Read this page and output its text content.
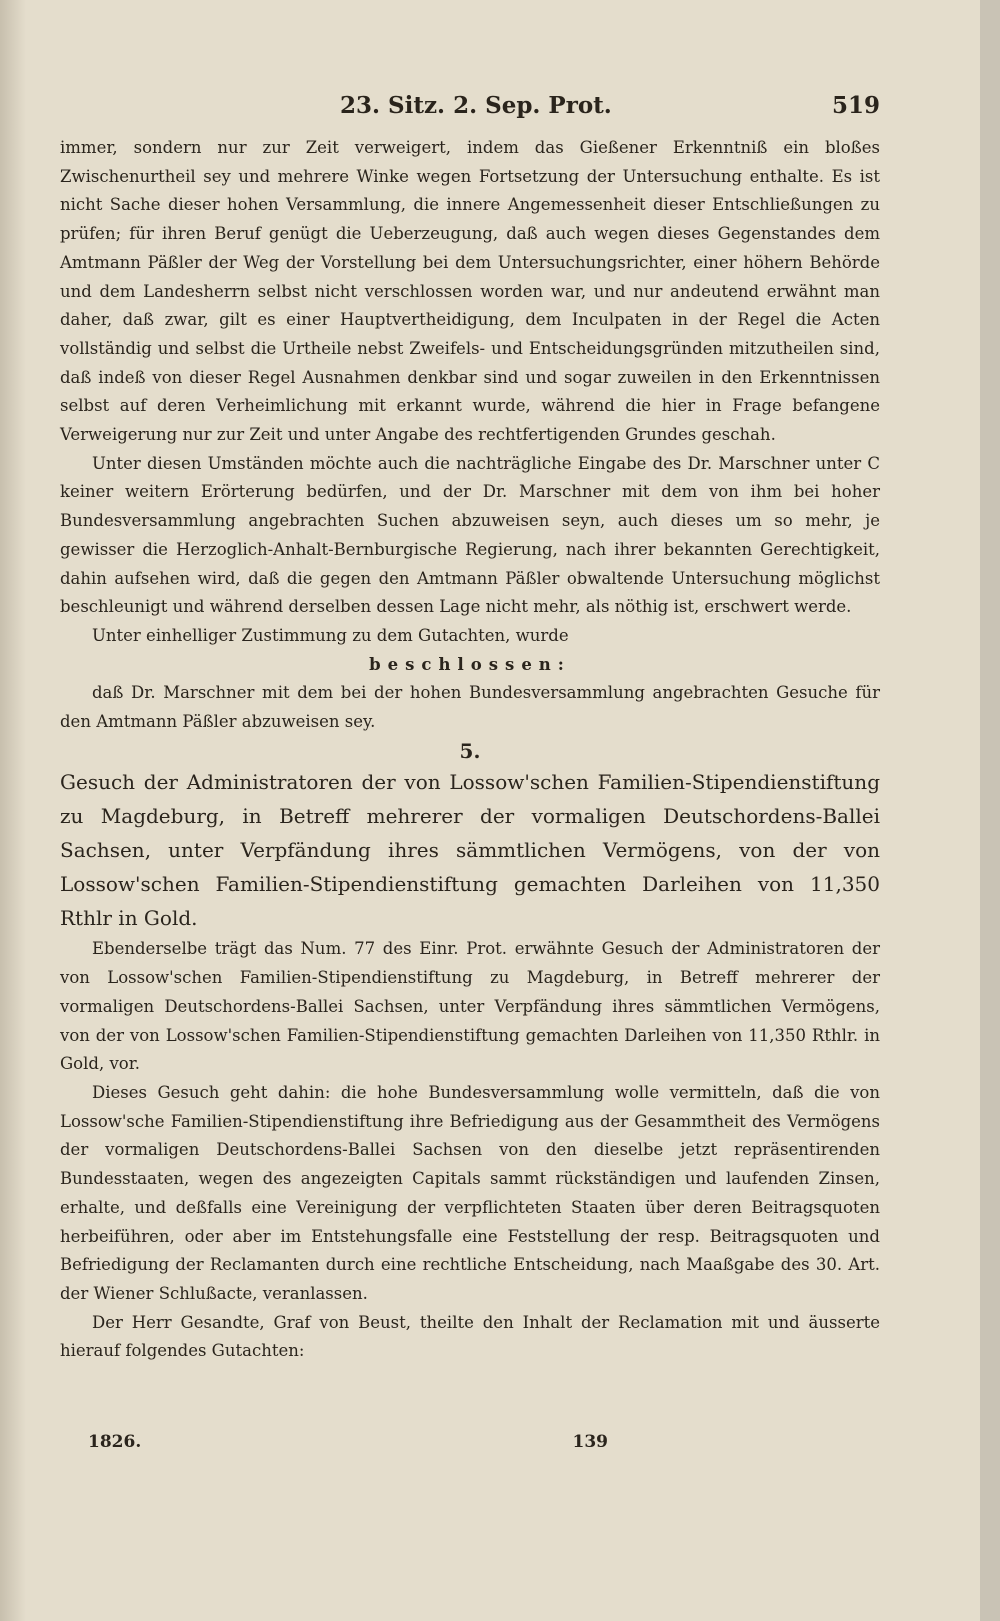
23. Sitz. 2. Sep. Prot.	519

immer, sondern nur zur Zeit verweigert, indem das Gießener Erkenntniß ein bloßes Zwischenurtheil sey und mehrere Winke wegen Fortsetzung der Untersuchung enthalte. Es ist nicht Sache dieser hohen Versammlung, die innere Angemessenheit dieser Entschließungen zu prüfen; für ihren Beruf genügt die Ueberzeugung, daß auch wegen dieses Gegenstandes dem Amtmann Päßler der Weg der Vorstellung bei dem Untersuchungsrichter, einer höhern Behörde und dem Landesherrn selbst nicht verschlossen worden war, und nur andeutend erwähnt man daher, daß zwar, gilt es einer Hauptvertheidigung, dem Inculpaten in der Regel die Acten vollständig und selbst die Urtheile nebst Zweifels- und Entscheidungsgründen mitzutheilen sind, daß indeß von dieser Regel Ausnahmen denkbar sind und sogar zuweilen in den Erkenntnissen selbst auf deren Verheimlichung mit erkannt wurde, während die hier in Frage befangene Verweigerung nur zur Zeit und unter Angabe des rechtfertigenden Grundes geschah.

Unter diesen Umständen möchte auch die nachträgliche Eingabe des Dr. Marschner unter C keiner weitern Erörterung bedürfen, und der Dr. Marschner mit dem von ihm bei hoher Bundesversammlung angebrachten Suchen abzuweisen seyn, auch dieses um so mehr, je gewisser die Herzoglich-Anhalt-Bernburgische Regierung, nach ihrer bekannten Gerechtigkeit, dahin aufsehen wird, daß die gegen den Amtmann Päßler obwaltende Untersuchung möglichst beschleunigt und während derselben dessen Lage nicht mehr, als nöthig ist, erschwert werde.

Unter einhelliger Zustimmung zu dem Gutachten, wurde

beschlossen:

daß Dr. Marschner mit dem bei der hohen Bundesversammlung angebrachten Gesuche für den Amtmann Päßler abzuweisen sey.

5.

Gesuch der Administratoren der von Lossow'schen Familien-Stipendienstiftung zu Magdeburg, in Betreff mehrerer der vormaligen Deutschordens-Ballei Sachsen, unter Verpfändung ihres sämmtlichen Vermögens, von der von Lossow'schen Familien-Stipendienstiftung gemachten Darleihen von 11,350 Rthlr in Gold.

Ebenderselbe trägt das Num. 77 des Einr. Prot. erwähnte Gesuch der Administratoren der von Lossow'schen Familien-Stipendienstiftung zu Magdeburg, in Betreff mehrerer der vormaligen Deutschordens-Ballei Sachsen, unter Verpfändung ihres sämmtlichen Vermögens, von der von Lossow'schen Familien-Stipendienstiftung gemachten Darleihen von 11,350 Rthlr. in Gold, vor.

Dieses Gesuch geht dahin: die hohe Bundesversammlung wolle vermitteln, daß die von Lossow'sche Familien-Stipendienstiftung ihre Befriedigung aus der Gesammtheit des Vermögens der vormaligen Deutschordens-Ballei Sachsen von den dieselbe jetzt repräsentirenden Bundesstaaten, wegen des angezeigten Capitals sammt rückständigen und laufenden Zinsen, erhalte, und deßfalls eine Vereinigung der verpflichteten Staaten über deren Beitragsquoten herbeiführen, oder aber im Entstehungsfalle eine Feststellung der resp. Beitragsquoten und Befriedigung der Reclamanten durch eine rechtliche Entscheidung, nach Maaßgabe des 30. Art. der Wiener Schlußacte, veranlassen.

Der Herr Gesandte, Graf von Beust, theilte den Inhalt der Reclamation mit und äusserte hierauf folgendes Gutachten:

1826.	139
